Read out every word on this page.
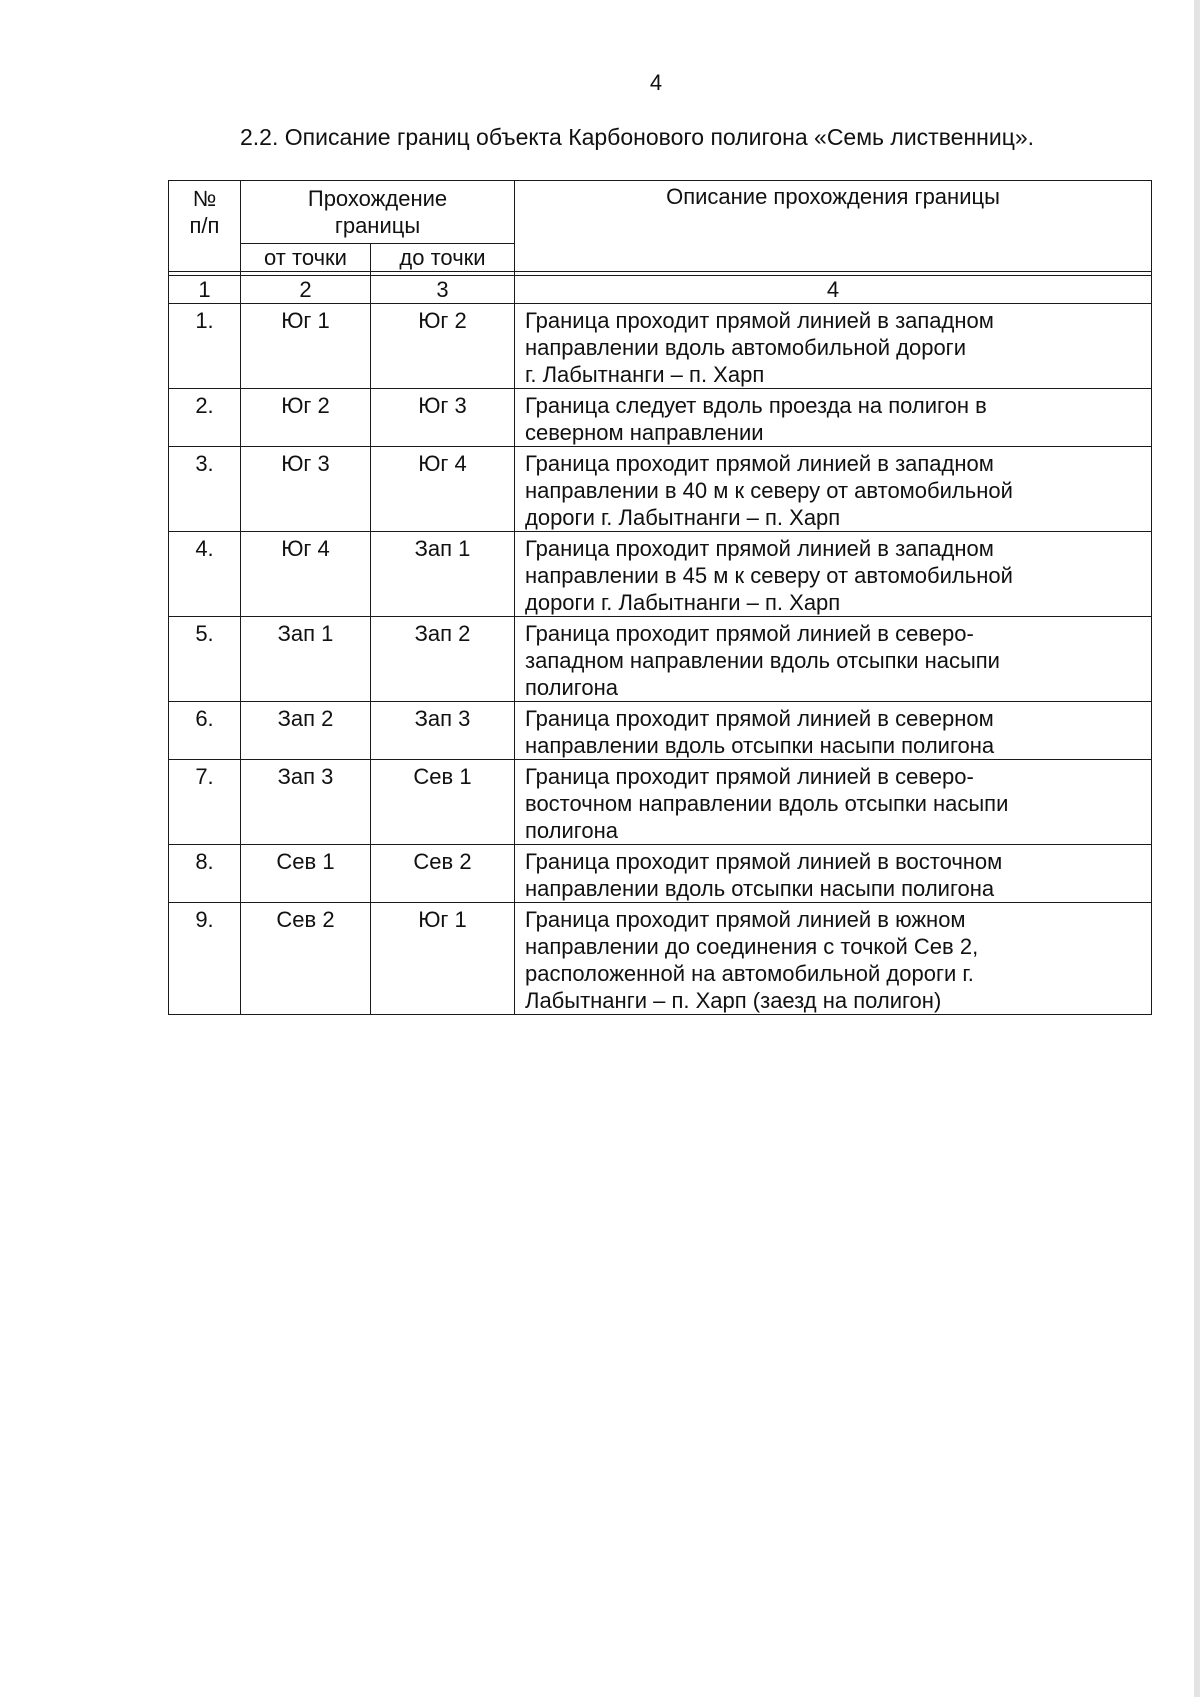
4
2.2. Описание границ объекта Карбонового полигона «Семь лиственниц».
№
п/п	Прохождение границы		Описание прохождения границы
	от точки	до точки	

1	2	3	4
1.	Юг 1	Юг 2	Граница проходит прямой линией в западном
направлении вдоль автомобильной дороги
г. Лабытнанги – п. Харп

2.	Юг 2	Юг 3	Граница следует вдоль проезда на полигон в
северном направлении

3.	Юг 3	Юг 4	Граница проходит прямой линией в западном
направлении в 40 м к северу от автомобильной
дороги г. Лабытнанги – п. Харп

4.	Юг 4	Зап 1	Граница проходит прямой линией в западном
направлении в 45 м к северу от автомобильной
дороги г. Лабытнанги – п. Харп

5.	Зап 1	Зап 2	Граница проходит прямой линией в северо-
западном направлении вдоль отсыпки насыпи
полигона

6.	Зап 2	Зап 3	Граница проходит прямой линией в северном
направлении вдоль отсыпки насыпи полигона

7.	Зап 3	Сев 1	Граница проходит прямой линией в северо-
восточном направлении вдоль отсыпки насыпи
полигона

8.	Сев 1	Сев 2	Граница проходит прямой линией в восточном
направлении вдоль отсыпки насыпи полигона

9.	Сев 2	Юг 1	Граница проходит прямой линией в южном
направлении до соединения с точкой Сев 2,
расположенной на автомобильной дороги г.
Лабытнанги – п. Харп (заезд на полигон)
